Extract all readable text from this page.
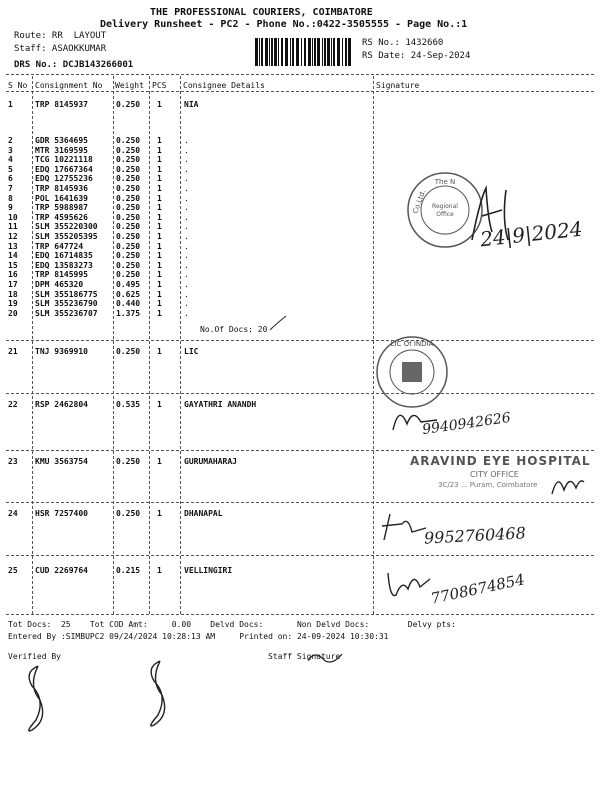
THE PROFESSIONAL COURIERS, COIMBATORE
Delivery Runsheet - PC2 - Phone No.:0422-3505555 - Page No.:1
Route: RR  LAYOUT
Staff: ASAOKKUMAR
DRS No.: DCJB143266001
RS No.: 1432660
RS Date: 24-Sep-2024
S No Consignment No Weight PCS Consignee Details	Signature
1	TRP 8145937	0.250 1	NIA
2	GDR 5364695	0.250 1	.
3	MTR 3169595	0.250 1	.
4	TCG 10221118	0.250 1	.
5	EDQ 17667364	0.250 1	.
6	EDQ 12755236	0.250 1	.
7	TRP 8145936	0.250 1	.
8	POL 1641639	0.250 1	.
9	TRP 5988987	0.250 1	.
10 TRP 4595626	0.250 1	.
11 SLM 355220300 0.250 1	.
12 SLM 355205395 0.250 1	.
13 TRP 647724	0.250 1	.
14 EDQ 16714835	0.250 1	.
15 EDQ 13583273	0.250 1	.
16 TRP 8145995	0.250 1	.
17 DPM 465320	0.495 1	.
18 SLM 355186775 0.625 1	.
19 SLM 355236790 0.440 1	.
20 SLM 355236707 1.375 1	.
21 TNJ 9369910	0.250 1	LIC
22 RSP 2462804	0.535 1	GAYATHRI ANANDH
23 KMU 3563754	0.250 1	GURUMAHARAJ
24 HSR 7257400	0.250 1	DHANAPAL
25 CUD 2269764	0.215 1	VELLINGIRI
No.Of Docs: 20
The N
Co.Ltd. Regional
Office
24|9|2024
LIC Of INDIA
9940942626
ARAVIND EYE HOSPITAL
CITY OFFICE
3C/23 ... Puram, Coimbatore
9952760468
7708674854
Tot Docs:  25    Tot COD Amt:     0.00    Delvd Docs:       Non Delvd Docs:        Delvy pts:
Entered By :SIMBUPC2 09/24/2024 10:28:13 AM     Printed on: 24-09-2024 10:30:31
Verified By	Staff Signature
